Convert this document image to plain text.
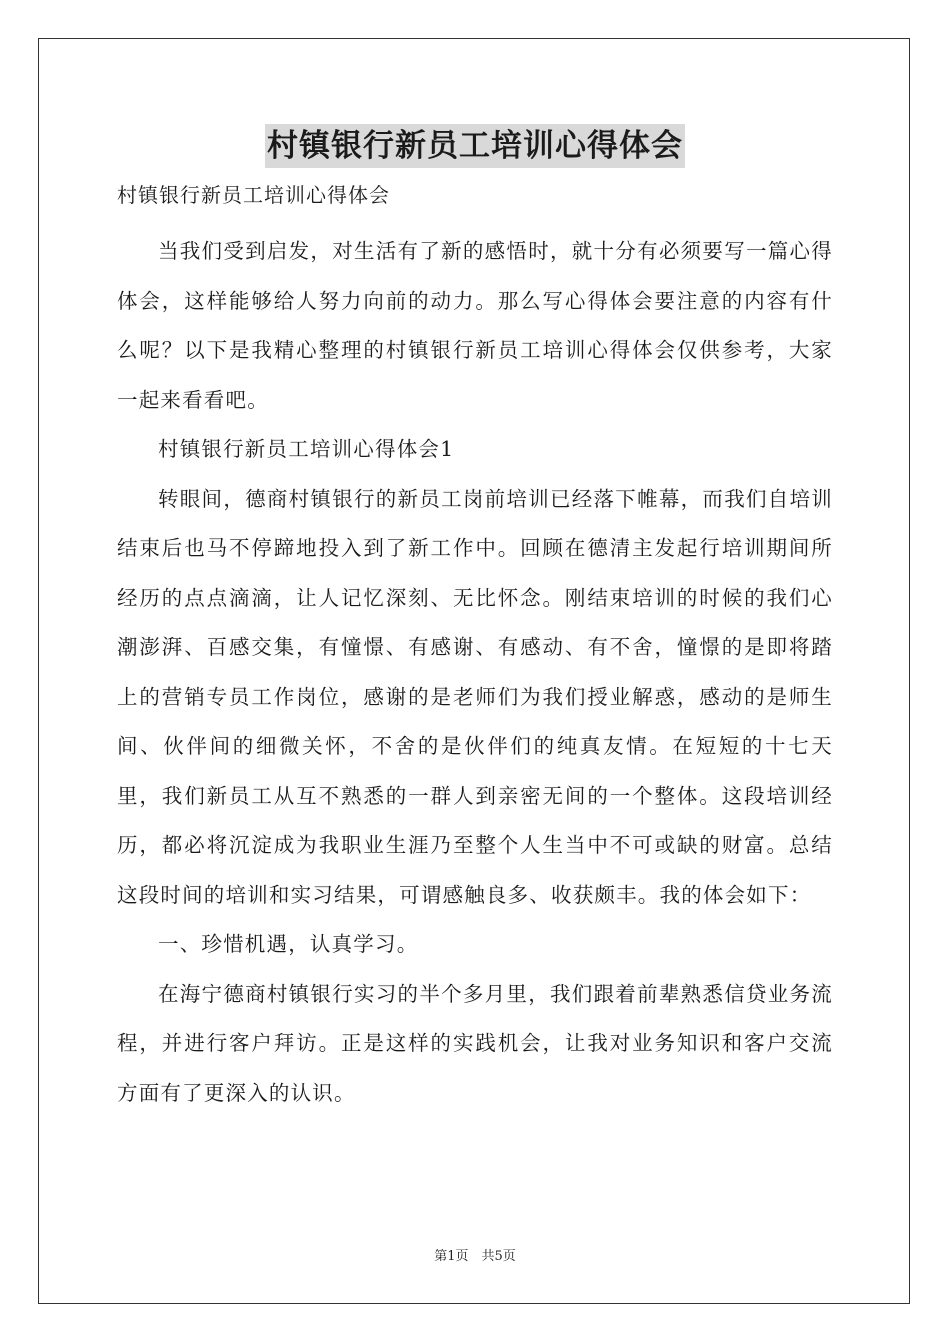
村镇银行新员工培训心得体会

村镇银行新员工培训心得体会

当我们受到启发，对生活有了新的感悟时，就十分有必须要写一篇心得体会，这样能够给人努力向前的动力。那么写心得体会要注意的内容有什么呢？以下是我精心整理的村镇银行新员工培训心得体会仅供参考，大家一起来看看吧。

村镇银行新员工培训心得体会1

转眼间，德商村镇银行的新员工岗前培训已经落下帷幕，而我们自培训结束后也马不停蹄地投入到了新工作中。回顾在德清主发起行培训期间所经历的点点滴滴，让人记忆深刻、无比怀念。刚结束培训的时候的我们心潮澎湃、百感交集，有憧憬、有感谢、有感动、有不舍，憧憬的是即将踏上的营销专员工作岗位，感谢的是老师们为我们授业解惑，感动的是师生间、伙伴间的细微关怀，不舍的是伙伴们的纯真友情。在短短的十七天里，我们新员工从互不熟悉的一群人到亲密无间的一个整体。这段培训经历，都必将沉淀成为我职业生涯乃至整个人生当中不可或缺的财富。总结这段时间的培训和实习结果，可谓感触良多、收获颇丰。我的体会如下：

一、珍惜机遇，认真学习。

在海宁德商村镇银行实习的半个多月里，我们跟着前辈熟悉信贷业务流程，并进行客户拜访。正是这样的实践机会，让我对业务知识和客户交流方面有了更深入的认识。

第1页　共5页
